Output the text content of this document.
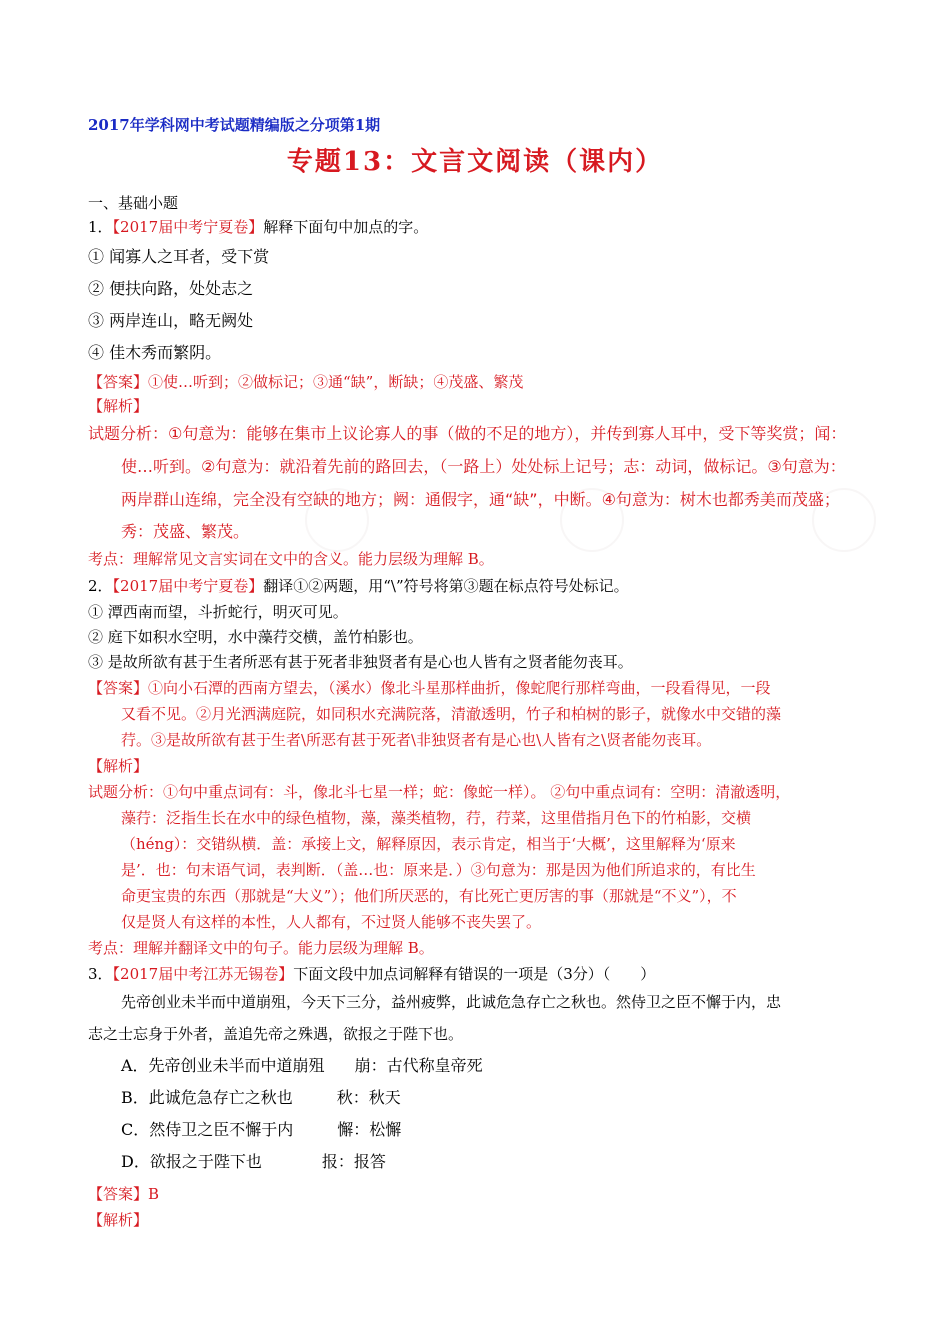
2017年学科网中考试题精编版之分项第1期
专题13：文言文阅读（课内）
一、基础小题
1．【2017届中考宁夏卷】解释下面句中加点的字。
① 闻寡人之耳者，受下赏
② 便扶向路，处处志之
③ 两岸连山，略无阙处
④ 佳木秀而繁阴。
【答案】①使…听到；②做标记；③通“缺”，断缺；④茂盛、繁茂
【解析】
试题分析：①句意为：能够在集市上议论寡人的事（做的不足的地方），并传到寡人耳中，受下等奖赏；闻：
使…听到。②句意为：就沿着先前的路回去，（一路上）处处标上记号；志：动词，做标记。③句意为：
两岸群山连绵，完全没有空缺的地方；阙：通假字，通“缺”，中断。④句意为：树木也都秀美而茂盛；
秀：茂盛、繁茂。
考点：理解常见文言实词在文中的含义。能力层级为理解 B。
2．【2017届中考宁夏卷】翻译①②两题，用“\”符号将第③题在标点符号处标记。
① 潭西南而望，斗折蛇行，明灭可见。
② 庭下如积水空明，水中藻荇交横，盖竹柏影也。
③ 是故所欲有甚于生者所恶有甚于死者非独贤者有是心也人皆有之贤者能勿丧耳。
【答案】①向小石潭的西南方望去，（溪水）像北斗星那样曲折，像蛇爬行那样弯曲，一段看得见，一段
又看不见。②月光洒满庭院，如同积水充满院落，清澈透明，竹子和柏树的影子，就像水中交错的藻
荇。③是故所欲有甚于生者\所恶有甚于死者\非独贤者有是心也\人皆有之\贤者能勿丧耳。
【解析】
试题分析：①句中重点词有：斗，像北斗七星一样；蛇：像蛇一样）。 ②句中重点词有：空明：清澈透明，
藻荇：泛指生长在水中的绿色植物，藻，藻类植物，荇，荇菜，这里借指月色下的竹柏影，交横
（héng）：交错纵横．盖：承接上文，解释原因，表示肯定，相当于‘大概’，这里解释为‘原来
是’．也：句末语气词，表判断．（盖…也：原来是．）③句意为：那是因为他们所追求的，有比生
命更宝贵的东西（那就是“大义”）；他们所厌恶的，有比死亡更厉害的事（那就是“不义”），不
仅是贤人有这样的本性，人人都有，不过贤人能够不丧失罢了。
考点：理解并翻译文中的句子。能力层级为理解 B。
3．【2017届中考江苏无锡卷】下面文段中加点词解释有错误的一项是（3分）（　　）
先帝创业未半而中道崩殂，今天下三分，益州疲弊，此诚危急存亡之秋也。然侍卫之臣不懈于内，忠
志之士忘身于外者，盖追先帝之殊遇，欲报之于陛下也。
A．先帝创业未半而中道崩殂 崩：古代称皇帝死
B．此诚危急存亡之秋也	秋：秋天
C．然侍卫之臣不懈于内	懈：松懈
D．欲报之于陛下也	报：报答
【答案】B
【解析】
